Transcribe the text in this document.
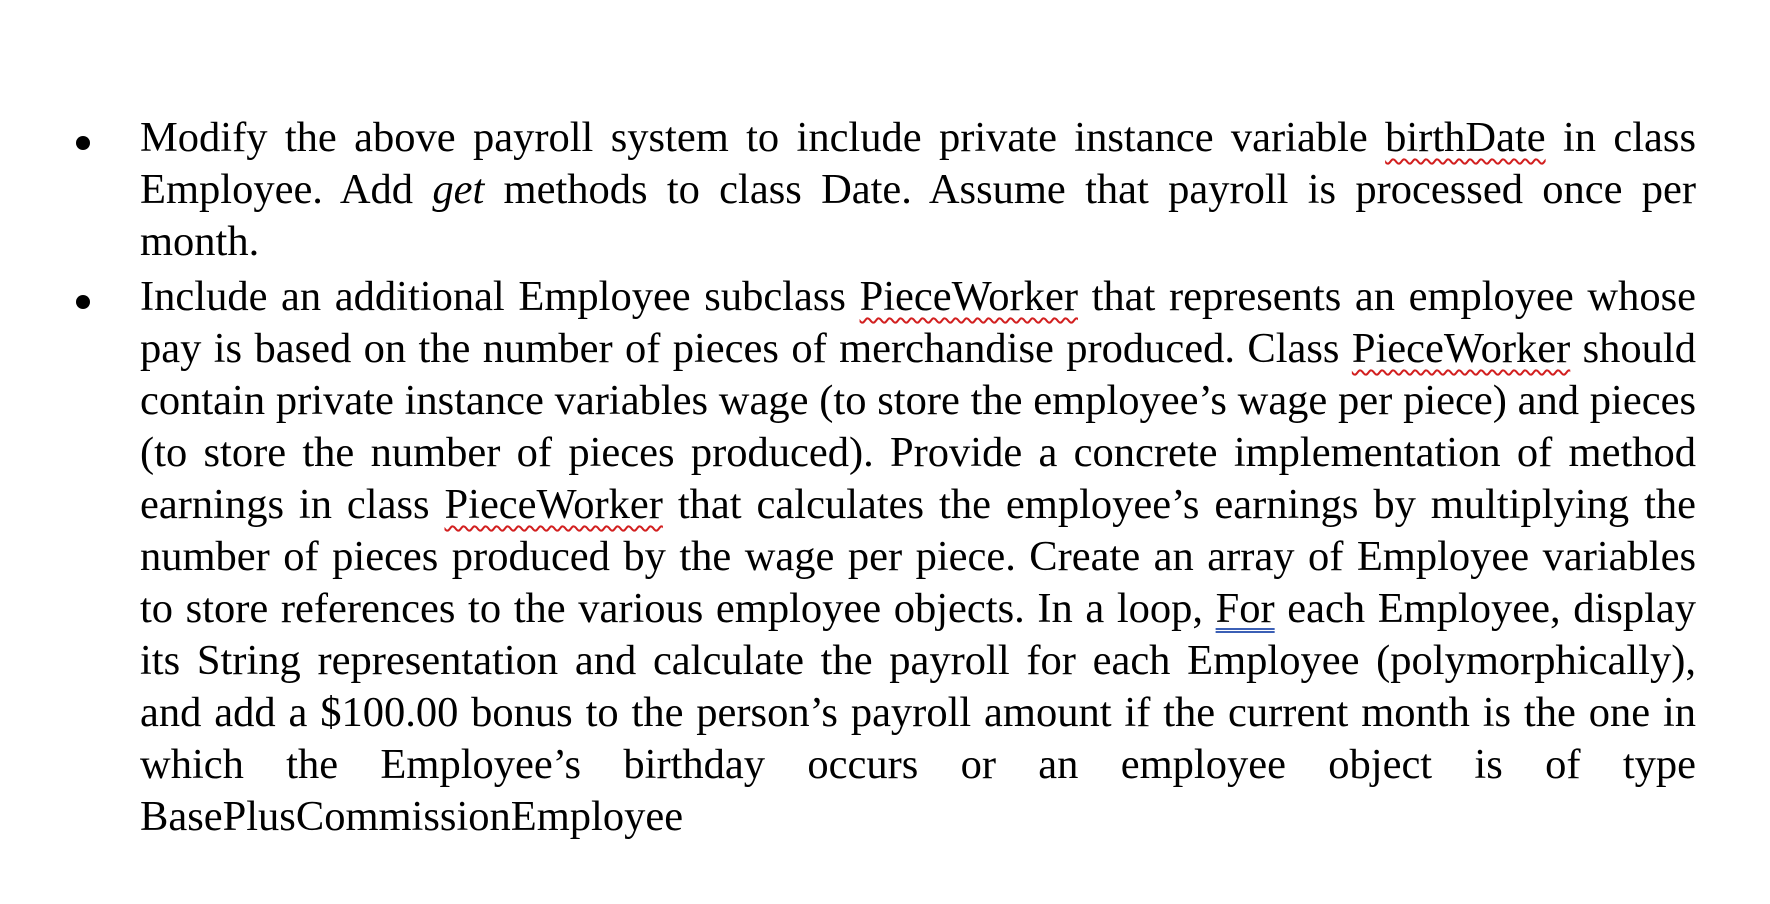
Modify the above payroll system to include private instance variable birthDate in class Employee. Add get methods to class Date. Assume that payroll is processed once per month.

Include an additional Employee subclass PieceWorker that represents an employee whose pay is based on the number of pieces of merchandise produced. Class PieceWorker should contain private instance variables wage (to store the employee’s wage per piece) and pieces (to store the number of pieces produced). Provide a concrete implementation of method earnings in class PieceWorker that calculates the employee’s earnings by multiplying the number of pieces produced by the wage per piece. Create an array of Employee variables to store references to the various employee objects. In a loop, For each Employee, display its String representation and calculate the payroll for each Employee (polymorphically), and add a $100.00 bonus to the person’s payroll amount if the current month is the one in which the Employee’s birthday occurs or an employee object is of type BasePlusCommissionEmployee
